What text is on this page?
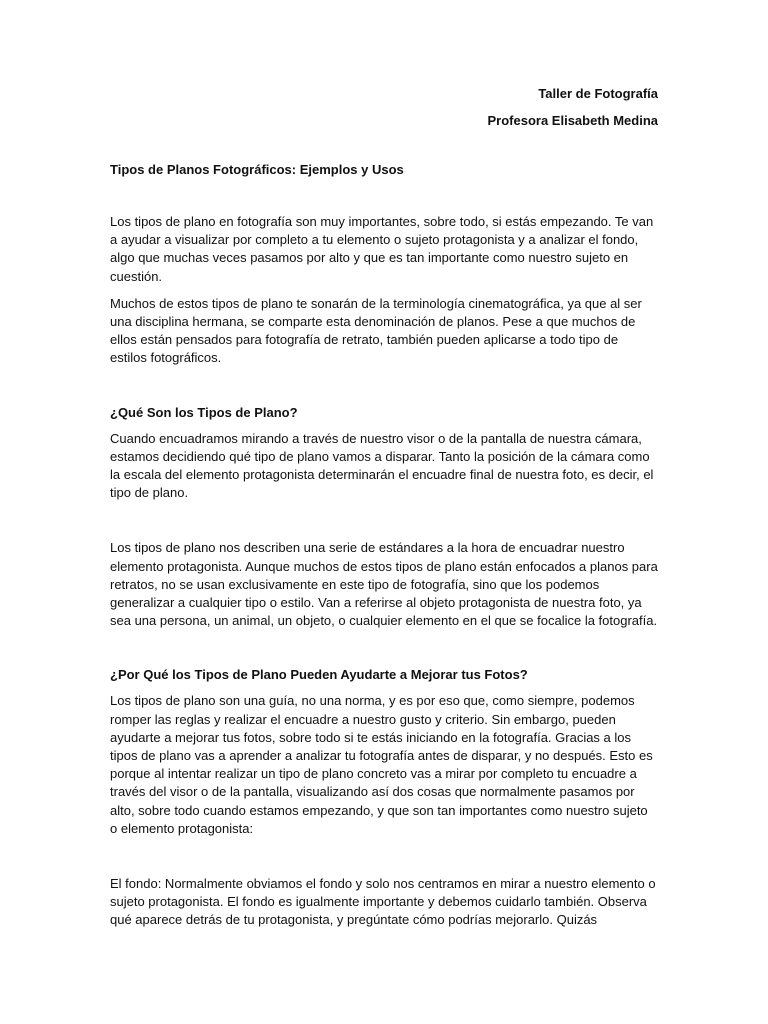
Taller de Fotografía

Profesora Elisabeth Medina

Tipos de Planos Fotográficos: Ejemplos y Usos

Los tipos de plano en fotografía son muy importantes, sobre todo, si estás empezando. Te van a ayudar a visualizar por completo a tu elemento o sujeto protagonista y a analizar el fondo, algo que muchas veces pasamos por alto y que es tan importante como nuestro sujeto en cuestión.

Muchos de estos tipos de plano te sonarán de la terminología cinematográfica, ya que al ser una disciplina hermana, se comparte esta denominación de planos. Pese a que muchos de ellos están pensados para fotografía de retrato, también pueden aplicarse a todo tipo de estilos fotográficos.

¿Qué Son los Tipos de Plano?

Cuando encuadramos mirando a través de nuestro visor o de la pantalla de nuestra cámara, estamos decidiendo qué tipo de plano vamos a disparar. Tanto la posición de la cámara como la escala del elemento protagonista determinarán el encuadre final de nuestra foto, es decir, el tipo de plano.

Los tipos de plano nos describen una serie de estándares a la hora de encuadrar nuestro elemento protagonista. Aunque muchos de estos tipos de plano están enfocados a planos para retratos, no se usan exclusivamente en este tipo de fotografía, sino que los podemos generalizar a cualquier tipo o estilo. Van a referirse al objeto protagonista de nuestra foto, ya sea una persona, un animal, un objeto, o cualquier elemento en el que se focalice la fotografía.

¿Por Qué los Tipos de Plano Pueden Ayudarte a Mejorar tus Fotos?

Los tipos de plano son una guía, no una norma, y es por eso que, como siempre, podemos romper las reglas y realizar el encuadre a nuestro gusto y criterio. Sin embargo, pueden ayudarte a mejorar tus fotos, sobre todo si te estás iniciando en la fotografía. Gracias a los tipos de plano vas a aprender a analizar tu fotografía antes de disparar, y no después. Esto es porque al intentar realizar un tipo de plano concreto vas a mirar por completo tu encuadre a través del visor o de la pantalla, visualizando así dos cosas que normalmente pasamos por alto, sobre todo cuando estamos empezando, y que son tan importantes como nuestro sujeto o elemento protagonista:

El fondo: Normalmente obviamos el fondo y solo nos centramos en mirar a nuestro elemento o sujeto protagonista. El fondo es igualmente importante y debemos cuidarlo también. Observa qué aparece detrás de tu protagonista, y pregúntate cómo podrías mejorarlo. Quizás
